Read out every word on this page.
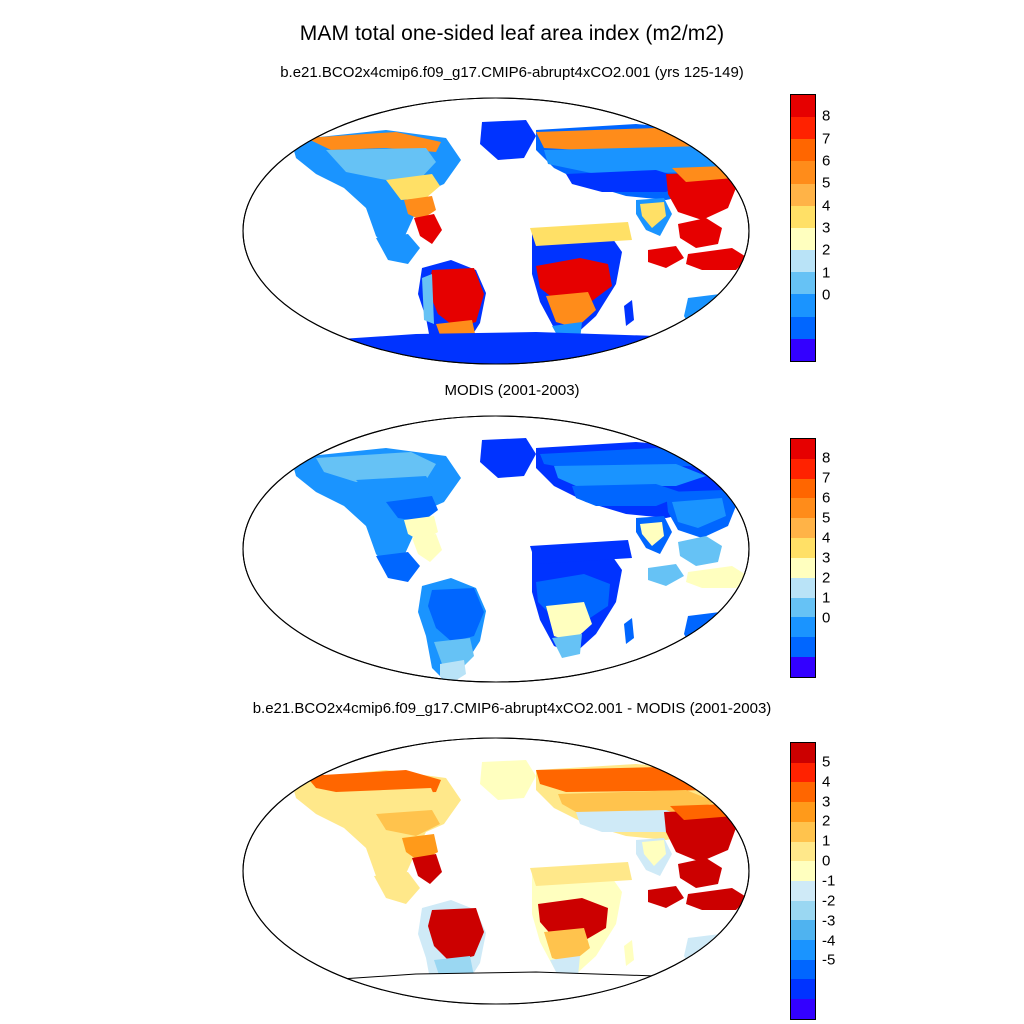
MAM total one-sided leaf area index (m2/m2)
b.e21.BCO2x4cmip6.f09_g17.CMIP6-abrupt4xCO2.001 (yrs 125-149)
8
7
6
5
4
3
2
1
0
MODIS (2001-2003)
8
7
6
5
4
3
2
1
0
b.e21.BCO2x4cmip6.f09_g17.CMIP6-abrupt4xCO2.001 - MODIS (2001-2003)
5
4
3
2
1
0
-1
-2
-3
-4
-5
